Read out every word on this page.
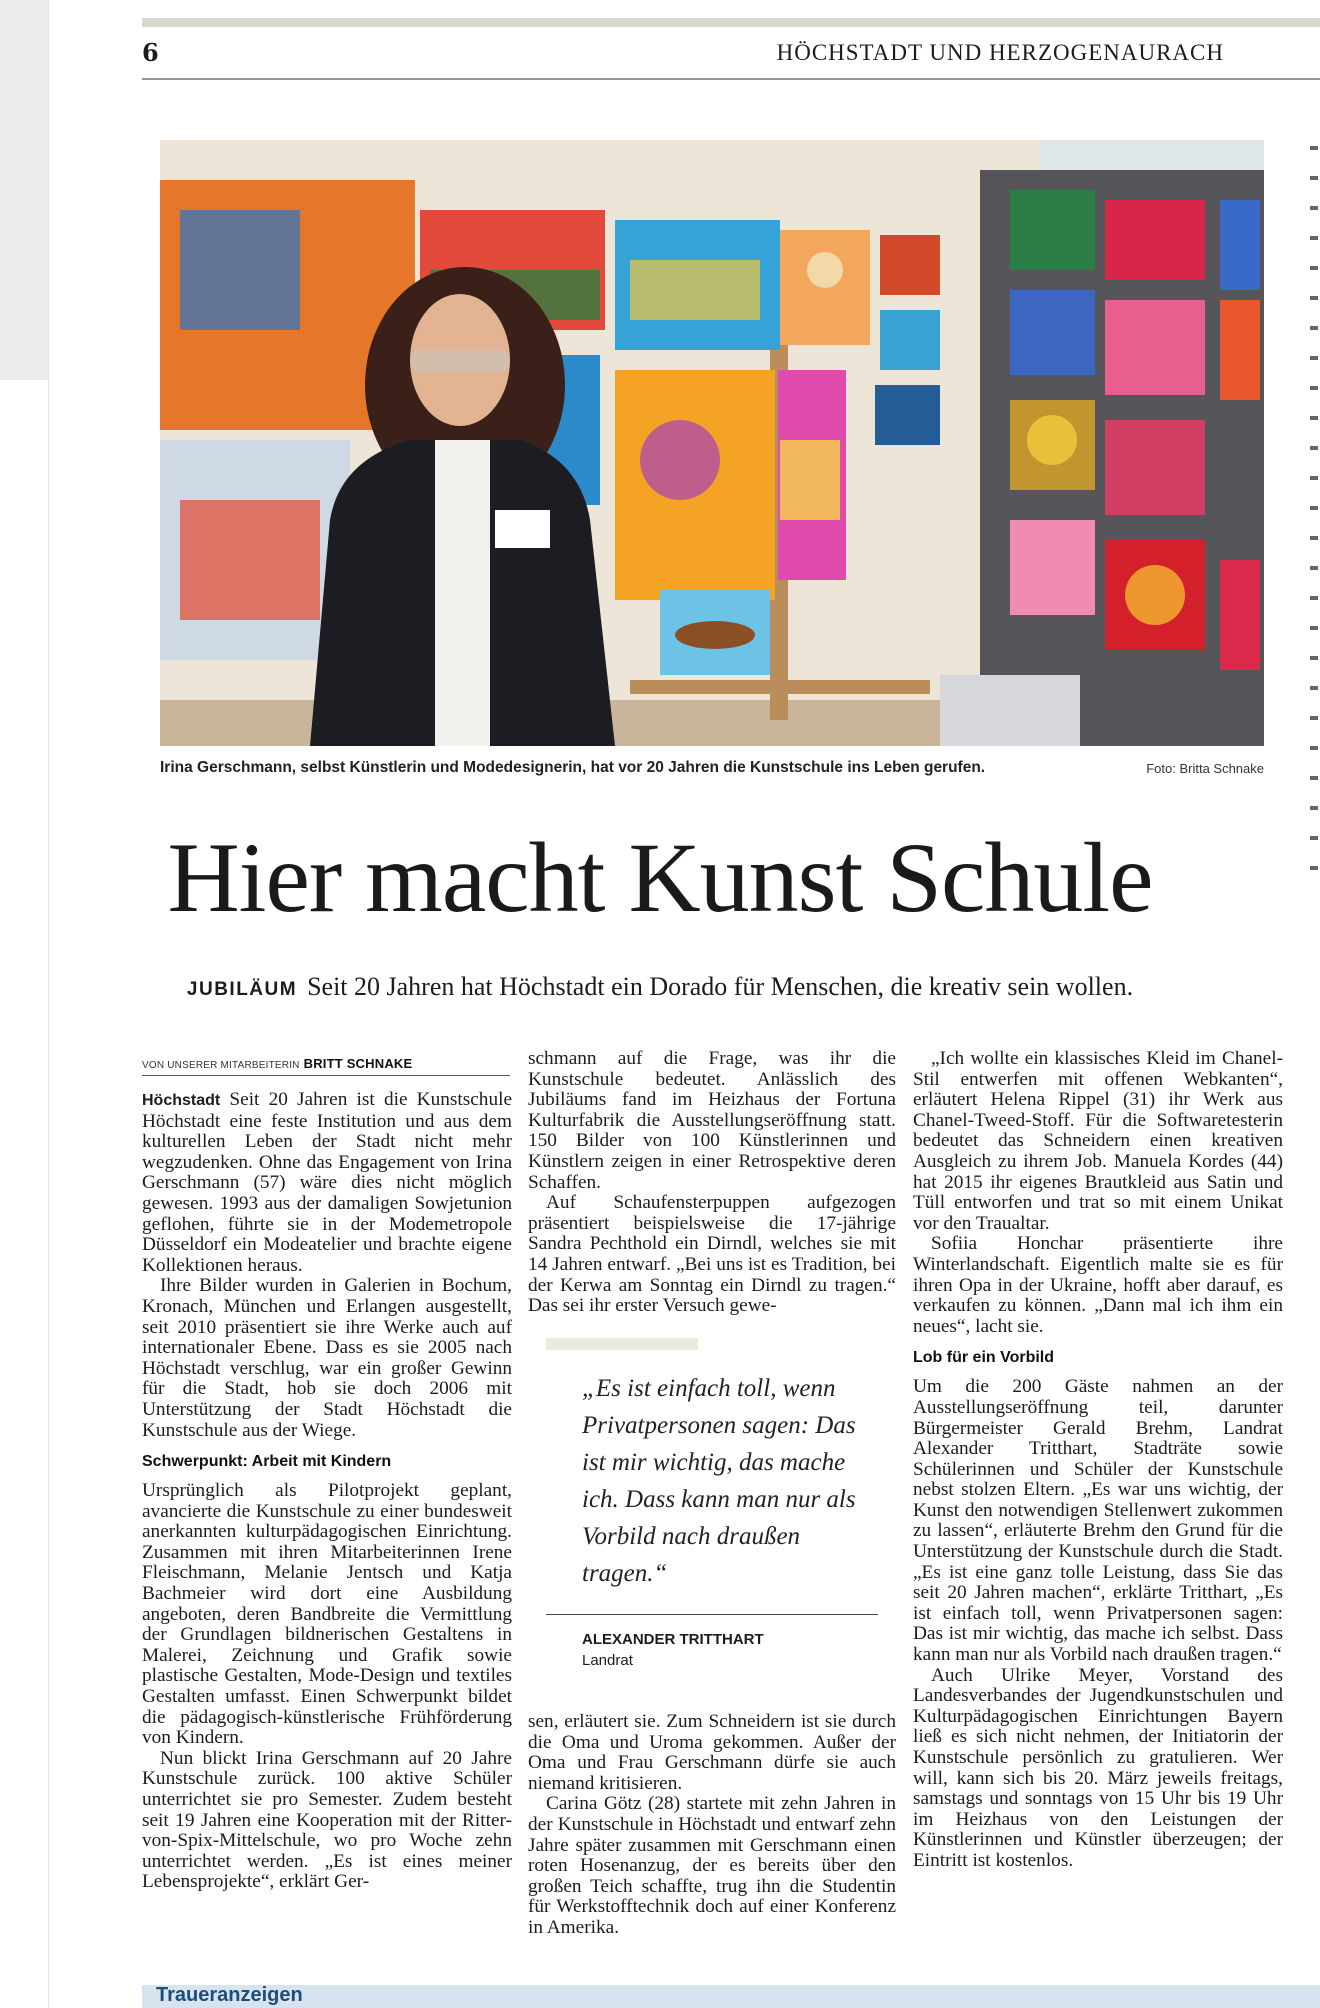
6	HÖCHSTADT UND HERZOGENAURACH
Irina Gerschmann, selbst Künstlerin und Modedesignerin, hat vor 20 Jahren die Kunstschule ins Leben gerufen.	Foto: Britta Schnake
Hier macht Kunst Schule
JUBILÄUM Seit 20 Jahren hat Höchstadt ein Dorado für Menschen, die kreativ sein wollen.
VON UNSERER MITARBEITERIN BRITT SCHNAKE

Höchstadt Seit 20 Jahren ist die Kunstschule Höchstadt eine feste Institution und aus dem kulturellen Leben der Stadt nicht mehr wegzudenken. Ohne das Engagement von Irina Gerschmann (57) wäre dies nicht möglich gewesen. 1993 aus der damaligen Sowjetunion geflohen, führte sie in der Modemetropole Düsseldorf ein Modeatelier und brachte eigene Kollektionen heraus.

Ihre Bilder wurden in Galerien in Bochum, Kronach, München und Erlangen ausgestellt, seit 2010 präsentiert sie ihre Werke auch auf internationaler Ebene. Dass es sie 2005 nach Höchstadt verschlug, war ein großer Gewinn für die Stadt, hob sie doch 2006 mit Unterstützung der Stadt Höchstadt die Kunstschule aus der Wiege.

Schwerpunkt: Arbeit mit Kindern

Ursprünglich als Pilotprojekt geplant, avancierte die Kunstschule zu einer bundesweit anerkannten kulturpädagogischen Einrichtung. Zusammen mit ihren Mitarbeiterinnen Irene Fleischmann, Melanie Jentsch und Katja Bachmeier wird dort eine Ausbildung angeboten, deren Bandbreite die Vermittlung der Grundlagen bildnerischen Gestaltens in Malerei, Zeichnung und Grafik sowie plastische Gestalten, Mode-Design und textiles Gestalten umfasst. Einen Schwerpunkt bildet die pädagogisch-künstlerische Frühförderung von Kindern.

Nun blickt Irina Gerschmann auf 20 Jahre Kunstschule zurück. 100 aktive Schüler unterrichtet sie pro Semester. Zudem besteht seit 19 Jahren eine Kooperation mit der Ritter-von-Spix-Mittelschule, wo pro Woche zehn unterrichtet werden. „Es ist eines meiner Lebensprojekte“, erklärt Ger-

schmann auf die Frage, was ihr die Kunstschule bedeutet. Anlässlich des Jubiläums fand im Heizhaus der Fortuna Kulturfabrik die Ausstellungseröffnung statt. 150 Bilder von 100 Künstlerinnen und Künstlern zeigen in einer Retrospektive deren Schaffen.

Auf Schaufensterpuppen aufgezogen präsentiert beispielsweise die 17-jährige Sandra Pechthold ein Dirndl, welches sie mit 14 Jahren entwarf. „Bei uns ist es Tradition, bei der Kerwa am Sonntag ein Dirndl zu tragen.“ Das sei ihr erster Versuch gewe-

„Es ist einfach toll, wenn Privatpersonen sagen: Das ist mir wichtig, das mache ich. Dass kann man nur als Vorbild nach draußen tragen.“
ALEXANDER TRITTHART
Landrat

sen, erläutert sie. Zum Schneidern ist sie durch die Oma und Uroma gekommen. Außer der Oma und Frau Gerschmann dürfe sie auch niemand kritisieren.

Carina Götz (28) startete mit zehn Jahren in der Kunstschule in Höchstadt und entwarf zehn Jahre später zusammen mit Gerschmann einen roten Hosenanzug, der es bereits über den großen Teich schaffte, trug ihn die Studentin für Werkstofftechnik doch auf einer Konferenz in Amerika.

„Ich wollte ein klassisches Kleid im Chanel-Stil entwerfen mit offenen Webkanten“, erläutert Helena Rippel (31) ihr Werk aus Chanel-Tweed-Stoff. Für die Softwaretesterin bedeutet das Schneidern einen kreativen Ausgleich zu ihrem Job. Manuela Kordes (44) hat 2015 ihr eigenes Brautkleid aus Satin und Tüll entworfen und trat so mit einem Unikat vor den Traualtar.

Sofiia Honchar präsentierte ihre Winterlandschaft. Eigentlich malte sie es für ihren Opa in der Ukraine, hofft aber darauf, es verkaufen zu können. „Dann mal ich ihm ein neues“, lacht sie.

Lob für ein Vorbild

Um die 200 Gäste nahmen an der Ausstellungseröffnung teil, darunter Bürgermeister Gerald Brehm, Landrat Alexander Tritthart, Stadträte sowie Schülerinnen und Schüler der Kunstschule nebst stolzen Eltern. „Es war uns wichtig, der Kunst den notwendigen Stellenwert zukommen zu lassen“, erläuterte Brehm den Grund für die Unterstützung der Kunstschule durch die Stadt. „Es ist eine ganz tolle Leistung, dass Sie das seit 20 Jahren machen“, erklärte Tritthart, „Es ist einfach toll, wenn Privatpersonen sagen: Das ist mir wichtig, das mache ich selbst. Dass kann man nur als Vorbild nach draußen tragen.“

Auch Ulrike Meyer, Vorstand des Landesverbandes der Jugendkunstschulen und Kulturpädagogischen Einrichtungen Bayern ließ es sich nicht nehmen, der Initiatorin der Kunstschule persönlich zu gratulieren. Wer will, kann sich bis 20. März jeweils freitags, samstags und sonntags von 15 Uhr bis 19 Uhr im Heizhaus von den Leistungen der Künstlerinnen und Künstler überzeugen; der Eintritt ist kostenlos.

Traueranzeigen
